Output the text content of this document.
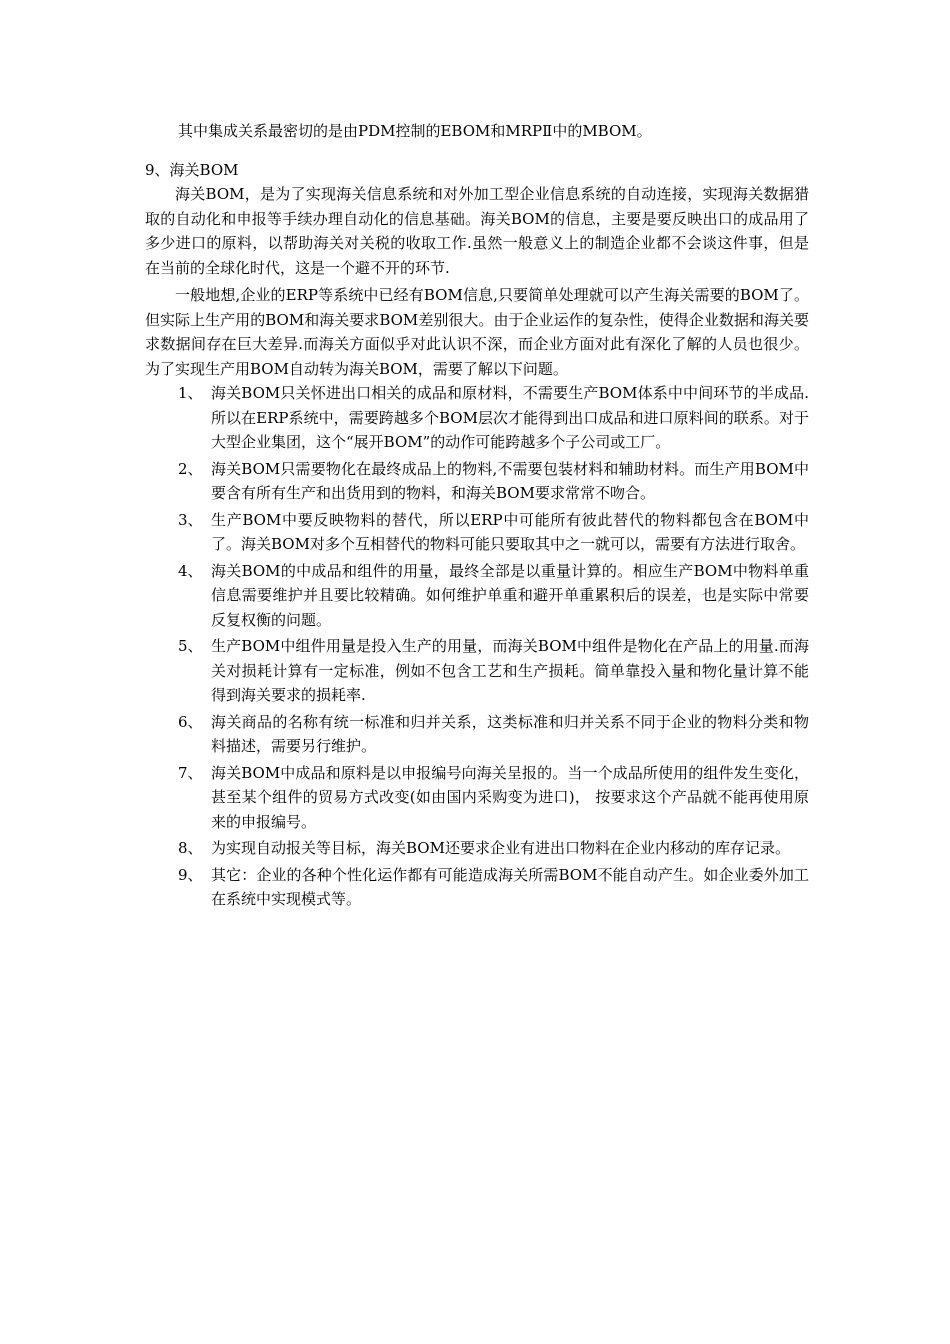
其中集成关系最密切的是由PDM控制的EBOM和MRPⅡ中的MBOM。
9、海关BOM

海关BOM，是为了实现海关信息系统和对外加工型企业信息系统的自动连接，实现海关数据猎取的自动化和申报等手续办理自动化的信息基础。海关BOM的信息，主要是要反映出口的成品用了多少进口的原料，以帮助海关对关税的收取工作.虽然一般意义上的制造企业都不会谈这件事，但是在当前的全球化时代，这是一个避不开的环节.

一般地想,企业的ERP等系统中已经有BOM信息,只要简单处理就可以产生海关需要的BOM了。但实际上生产用的BOM和海关要求BOM差别很大。由于企业运作的复杂性，使得企业数据和海关要求数据间存在巨大差异.而海关方面似乎对此认识不深，而企业方面对此有深化了解的人员也很少。为了实现生产用BOM自动转为海关BOM，需要了解以下问题。

1、 海关BOM只关怀进出口相关的成品和原材料，不需要生产BOM体系中中间环节的半成品.所以在ERP系统中，需要跨越多个BOM层次才能得到出口成品和进口原料间的联系。对于大型企业集团，这个“展开BOM”的动作可能跨越多个子公司或工厂。
2、 海关BOM只需要物化在最终成品上的物料,不需要包装材料和辅助材料。而生产用BOM中要含有所有生产和出货用到的物料，和海关BOM要求常常不吻合。
3、 生产BOM中要反映物料的替代，所以ERP中可能所有彼此替代的物料都包含在BOM中了。海关BOM对多个互相替代的物料可能只要取其中之一就可以，需要有方法进行取舍。
4、 海关BOM的中成品和组件的用量，最终全部是以重量计算的。相应生产BOM中物料单重信息需要维护并且要比较精确。如何维护单重和避开单重累积后的误差，也是实际中常要反复权衡的问题。
5、 生产BOM中组件用量是投入生产的用量，而海关BOM中组件是物化在产品上的用量.而海关对损耗计算有一定标准，例如不包含工艺和生产损耗。简单靠投入量和物化量计算不能得到海关要求的损耗率.
6、 海关商品的名称有统一标准和归并关系，这类标准和归并关系不同于企业的物料分类和物料描述，需要另行维护。
7、 海关BOM中成品和原料是以申报编号向海关呈报的。当一个成品所使用的组件发生变化，甚至某个组件的贸易方式改变(如由国内采购变为进口)， 按要求这个产品就不能再使用原来的申报编号。
8、 为实现自动报关等目标，海关BOM还要求企业有进出口物料在企业内移动的库存记录。
9、 其它：企业的各种个性化运作都有可能造成海关所需BOM不能自动产生。如企业委外加工在系统中实现模式等。
